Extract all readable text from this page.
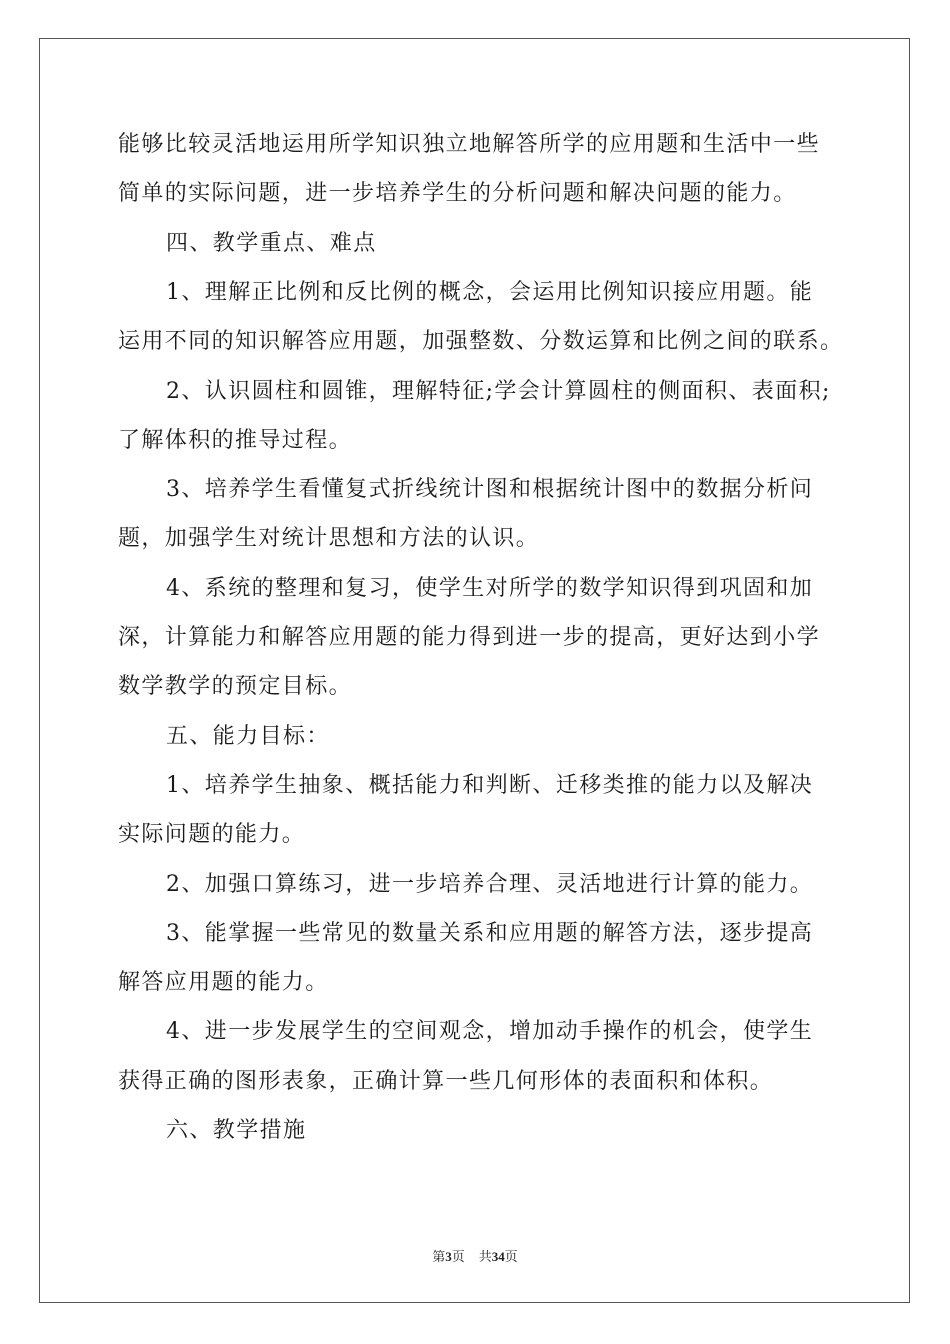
能够比较灵活地运用所学知识独立地解答所学的应用题和生活中一些
简单的实际问题，进一步培养学生的分析问题和解决问题的能力。
四、教学重点、难点
1、理解正比例和反比例的概念，会运用比例知识接应用题。能
运用不同的知识解答应用题，加强整数、分数运算和比例之间的联系。
2、认识圆柱和圆锥，理解特征;学会计算圆柱的侧面积、表面积;
了解体积的推导过程。
3、培养学生看懂复式折线统计图和根据统计图中的数据分析问
题，加强学生对统计思想和方法的认识。
4、系统的整理和复习，使学生对所学的数学知识得到巩固和加
深，计算能力和解答应用题的能力得到进一步的提高，更好达到小学
数学教学的预定目标。
五、能力目标：
1、培养学生抽象、概括能力和判断、迁移类推的能力以及解决
实际问题的能力。
2、加强口算练习，进一步培养合理、灵活地进行计算的能力。
3、能掌握一些常见的数量关系和应用题的解答方法，逐步提高
解答应用题的能力。
4、进一步发展学生的空间观念，增加动手操作的机会，使学生
获得正确的图形表象，正确计算一些几何形体的表面积和体积。
六、教学措施
第3页 共34页
